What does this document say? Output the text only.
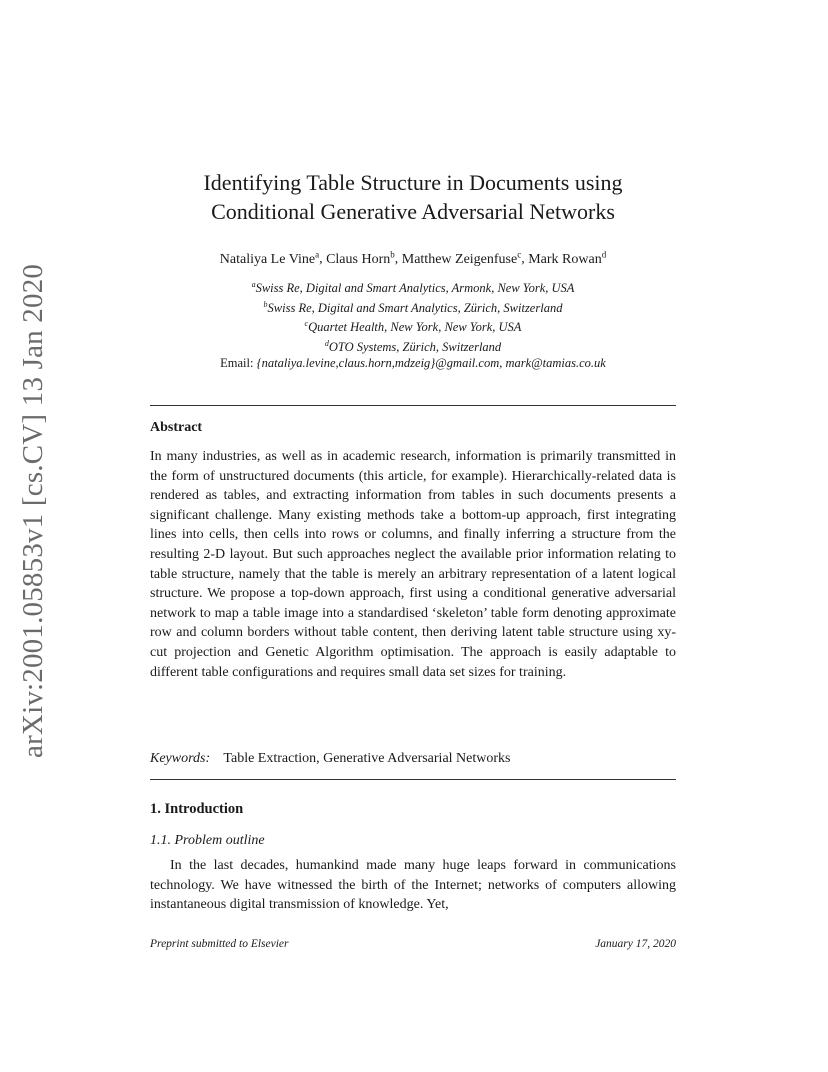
arXiv:2001.05853v1 [cs.CV] 13 Jan 2020
Identifying Table Structure in Documents using
Conditional Generative Adversarial Networks
Nataliya Le Vine$^a$, Claus Horn$^b$, Matthew Zeigenfuse$^c$, Mark Rowan$^d$
$^a$Swiss Re, Digital and Smart Analytics, Armonk, New York, USA
$^b$Swiss Re, Digital and Smart Analytics, Zürich, Switzerland
$^c$Quartet Health, New York, New York, USA
$^d$OTO Systems, Zürich, Switzerland
Email: {nataliya.levine,claus.horn,mdzeig}@gmail.com, mark@tamias.co.uk
Abstract
In many industries, as well as in academic research, information is primarily transmitted in the form of unstructured documents (this article, for example). Hierarchically-related data is rendered as tables, and extracting information from tables in such documents presents a significant challenge. Many existing methods take a bottom-up approach, first integrating lines into cells, then cells into rows or columns, and finally inferring a structure from the resulting 2-D layout. But such approaches neglect the available prior information relating to table structure, namely that the table is merely an arbitrary representation of a latent logical structure. We propose a top-down approach, first using a conditional generative adversarial network to map a table image into a standardised ‘skeleton’ table form denoting approximate row and column borders without table content, then deriving latent table structure using xy-cut projection and Genetic Algorithm optimisation. The approach is easily adaptable to different table configurations and requires small data set sizes for training.
Keywords: Table Extraction, Generative Adversarial Networks
1. Introduction
1.1. Problem outline
In the last decades, humankind made many huge leaps forward in communications technology. We have witnessed the birth of the Internet; networks of computers allowing instantaneous digital transmission of knowledge. Yet,
Preprint submitted to Elsevier	January 17, 2020
